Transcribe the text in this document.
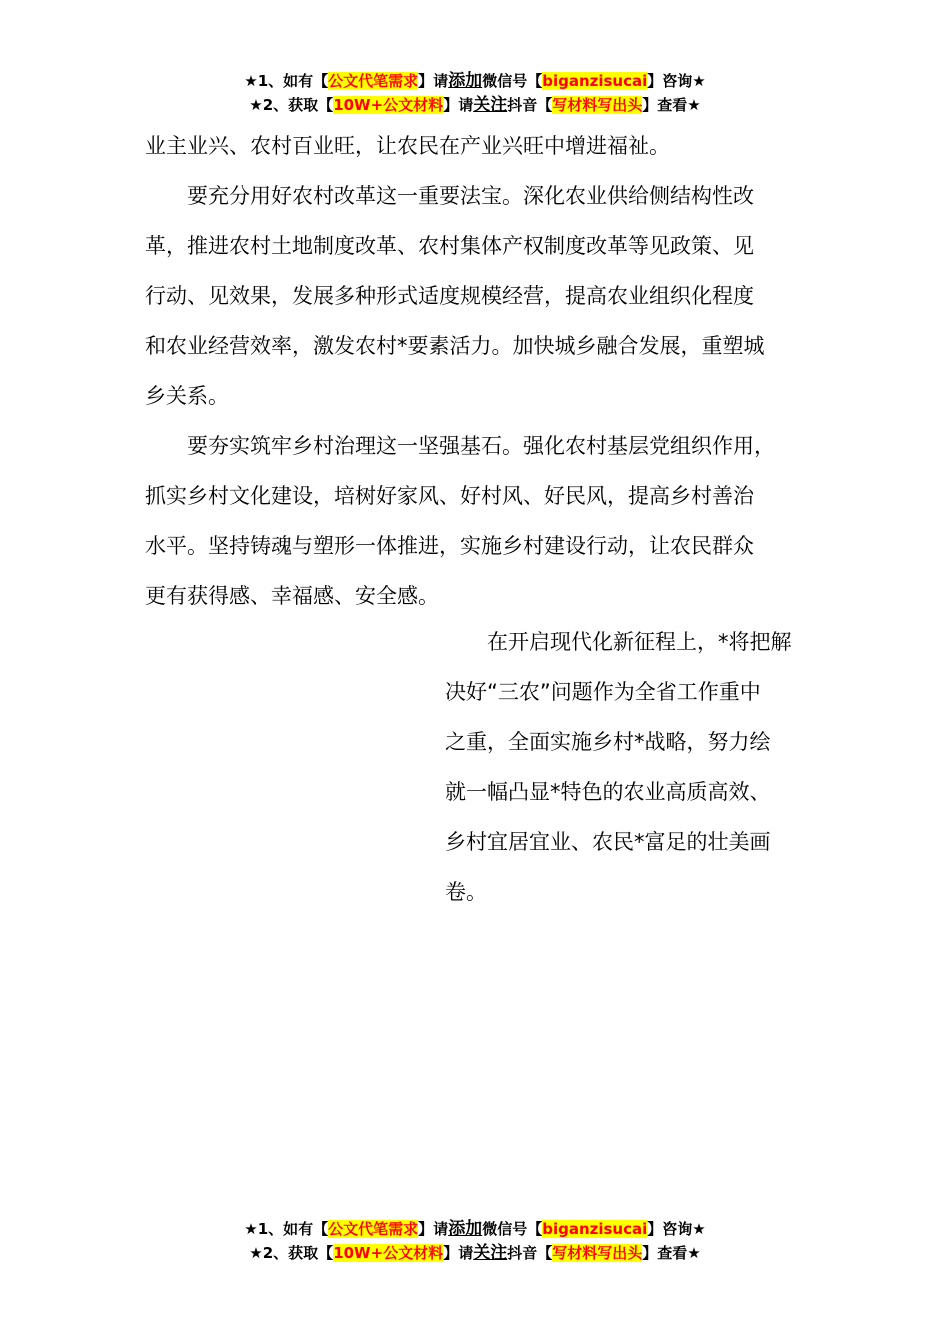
★1、如有【公文代笔需求】请添加微信号【biganzisucai】咨询★
★2、获取【10W+公文材料】请关注抖音【写材料写出头】查看★

业主业兴、农村百业旺，让农民在产业兴旺中增进福祉。

　　要充分用好农村改革这一重要法宝。深化农业供给侧结构性改

革，推进农村土地制度改革、农村集体产权制度改革等见政策、见

行动、见效果，发展多种形式适度规模经营，提高农业组织化程度

和农业经营效率，激发农村*要素活力。加快城乡融合发展，重塑城

乡关系。

　　要夯实筑牢乡村治理这一坚强基石。强化农村基层党组织作用，

抓实乡村文化建设，培树好家风、好村风、好民风，提高乡村善治

水平。坚持铸魂与塑形一体推进，实施乡村建设行动，让农民群众

更有获得感、幸福感、安全感。

　　在开启现代化新征程上，*将把解

决好“三农”问题作为全省工作重中

之重，全面实施乡村*战略，努力绘

就一幅凸显*特色的农业高质高效、

乡村宜居宜业、农民*富足的壮美画

卷。

★1、如有【公文代笔需求】请添加微信号【biganzisucai】咨询★
★2、获取【10W+公文材料】请关注抖音【写材料写出头】查看★
